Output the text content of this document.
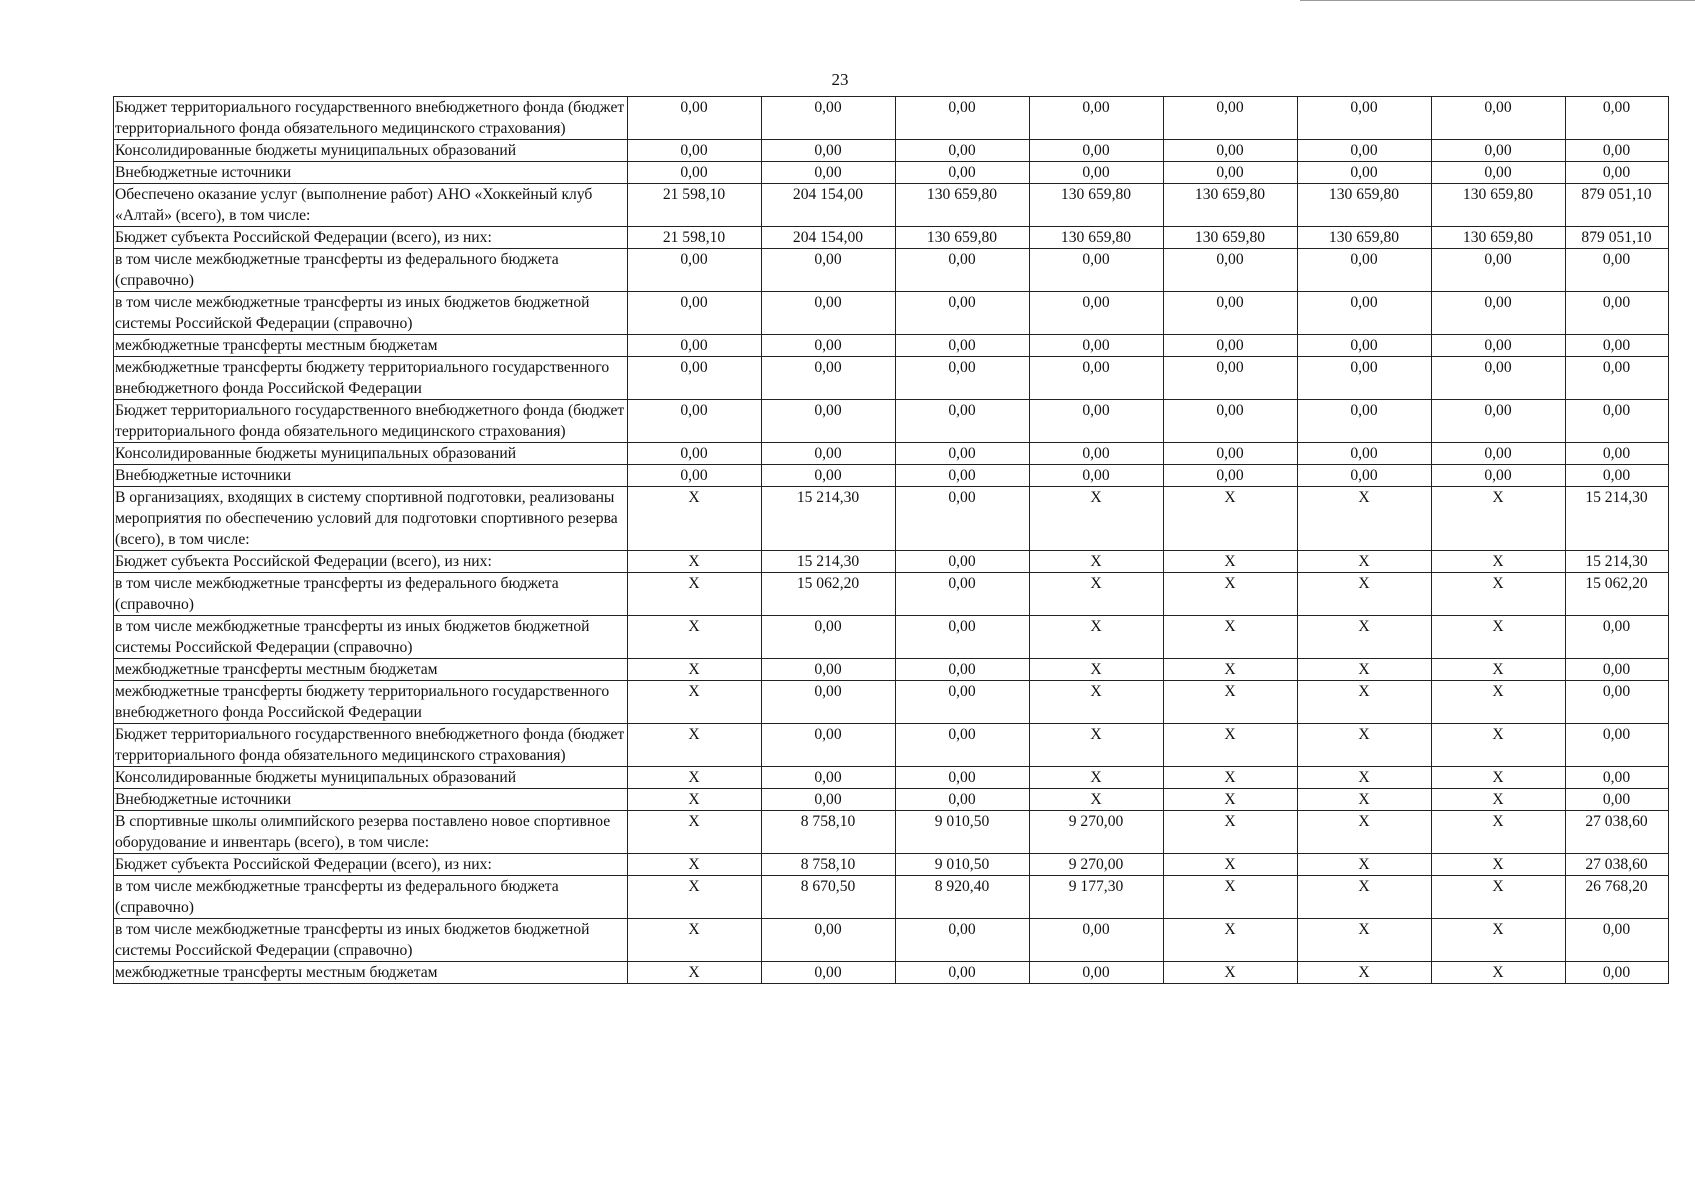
23
Бюджет территориального государственного внебюджетного фонда (бюджет территориального фонда обязательного медицинского страхования)	0,00	0,00	0,00	0,00	0,00	0,00	0,00	0,00
Консолидированные бюджеты муниципальных образований	0,00	0,00	0,00	0,00	0,00	0,00	0,00	0,00
Внебюджетные источники	0,00	0,00	0,00	0,00	0,00	0,00	0,00	0,00
Обеспечено оказание услуг (выполнение работ) АНО «Хоккейный клуб «Алтай» (всего), в том числе:	21 598,10	204 154,00	130 659,80	130 659,80	130 659,80	130 659,80	130 659,80	879 051,10
Бюджет субъекта Российской Федерации (всего), из них:	21 598,10	204 154,00	130 659,80	130 659,80	130 659,80	130 659,80	130 659,80	879 051,10
в том числе межбюджетные трансферты из федерального бюджета (справочно)	0,00	0,00	0,00	0,00	0,00	0,00	0,00	0,00
в том числе межбюджетные трансферты из иных бюджетов бюджетной системы Российской Федерации (справочно)	0,00	0,00	0,00	0,00	0,00	0,00	0,00	0,00
межбюджетные трансферты местным бюджетам	0,00	0,00	0,00	0,00	0,00	0,00	0,00	0,00
межбюджетные трансферты бюджету территориального государственного внебюджетного фонда Российской Федерации	0,00	0,00	0,00	0,00	0,00	0,00	0,00	0,00
Бюджет территориального государственного внебюджетного фонда (бюджет территориального фонда обязательного медицинского страхования)	0,00	0,00	0,00	0,00	0,00	0,00	0,00	0,00
Консолидированные бюджеты муниципальных образований	0,00	0,00	0,00	0,00	0,00	0,00	0,00	0,00
Внебюджетные источники	0,00	0,00	0,00	0,00	0,00	0,00	0,00	0,00
В организациях, входящих в систему спортивной подготовки, реализованы мероприятия по обеспечению условий для подготовки спортивного резерва (всего), в том числе:	X	15 214,30	0,00	X	X	X	X	15 214,30
Бюджет субъекта Российской Федерации (всего), из них:	X	15 214,30	0,00	X	X	X	X	15 214,30
в том числе межбюджетные трансферты из федерального бюджета (справочно)	X	15 062,20	0,00	X	X	X	X	15 062,20
в том числе межбюджетные трансферты из иных бюджетов бюджетной системы Российской Федерации (справочно)	X	0,00	0,00	X	X	X	X	0,00
межбюджетные трансферты местным бюджетам	X	0,00	0,00	X	X	X	X	0,00
межбюджетные трансферты бюджету территориального государственного внебюджетного фонда Российской Федерации	X	0,00	0,00	X	X	X	X	0,00
Бюджет территориального государственного внебюджетного фонда (бюджет территориального фонда обязательного медицинского страхования)	X	0,00	0,00	X	X	X	X	0,00
Консолидированные бюджеты муниципальных образований	X	0,00	0,00	X	X	X	X	0,00
Внебюджетные источники	X	0,00	0,00	X	X	X	X	0,00
В спортивные школы олимпийского резерва поставлено новое спортивное оборудование и инвентарь (всего), в том числе:	X	8 758,10	9 010,50	9 270,00	X	X	X	27 038,60
Бюджет субъекта Российской Федерации (всего), из них:	X	8 758,10	9 010,50	9 270,00	X	X	X	27 038,60
в том числе межбюджетные трансферты из федерального бюджета (справочно)	X	8 670,50	8 920,40	9 177,30	X	X	X	26 768,20
в том числе межбюджетные трансферты из иных бюджетов бюджетной системы Российской Федерации (справочно)	X	0,00	0,00	0,00	X	X	X	0,00
межбюджетные трансферты местным бюджетам	X	0,00	0,00	0,00	X	X	X	0,00
